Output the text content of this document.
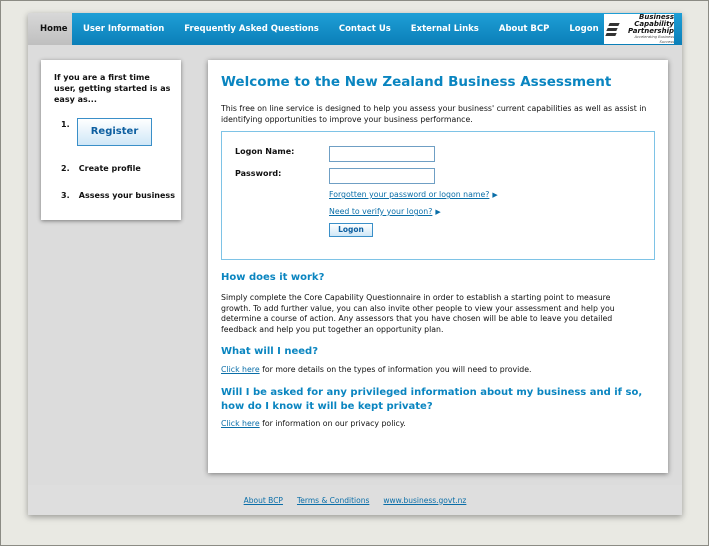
Home	User Information	Frequently Asked Questions	Contact Us	External Links	About BCP	Logon
Business
Capability
Partnership
Accelerating Business Success
If you are a first time user, getting started is as easy as...
1.
Register
2. Create profile
3. Assess your business
Welcome to the New Zealand Business Assessment

This free on line service is designed to help you assess your business' current capabilities as well as assist in identifying opportunities to improve your business performance.

Logon Name:
Password:
Forgotten your password or logon name? ▶
Need to verify your logon? ▶
Logon
How does it work?

Simply complete the Core Capability Questionnaire in order to establish a starting point to measure growth. To add further value, you can also invite other people to view your assessment and help you determine a course of action. Any assessors that you have chosen will be able to leave you detailed feedback and help you put together an opportunity plan.

What will I need?

Click here for more details on the types of information you will need to provide.

Will I be asked for any privileged information about my business and if so, how do I know it will be kept private?

Click here for information on our privacy policy.

About BCP Terms & Conditions www.business.govt.nz
